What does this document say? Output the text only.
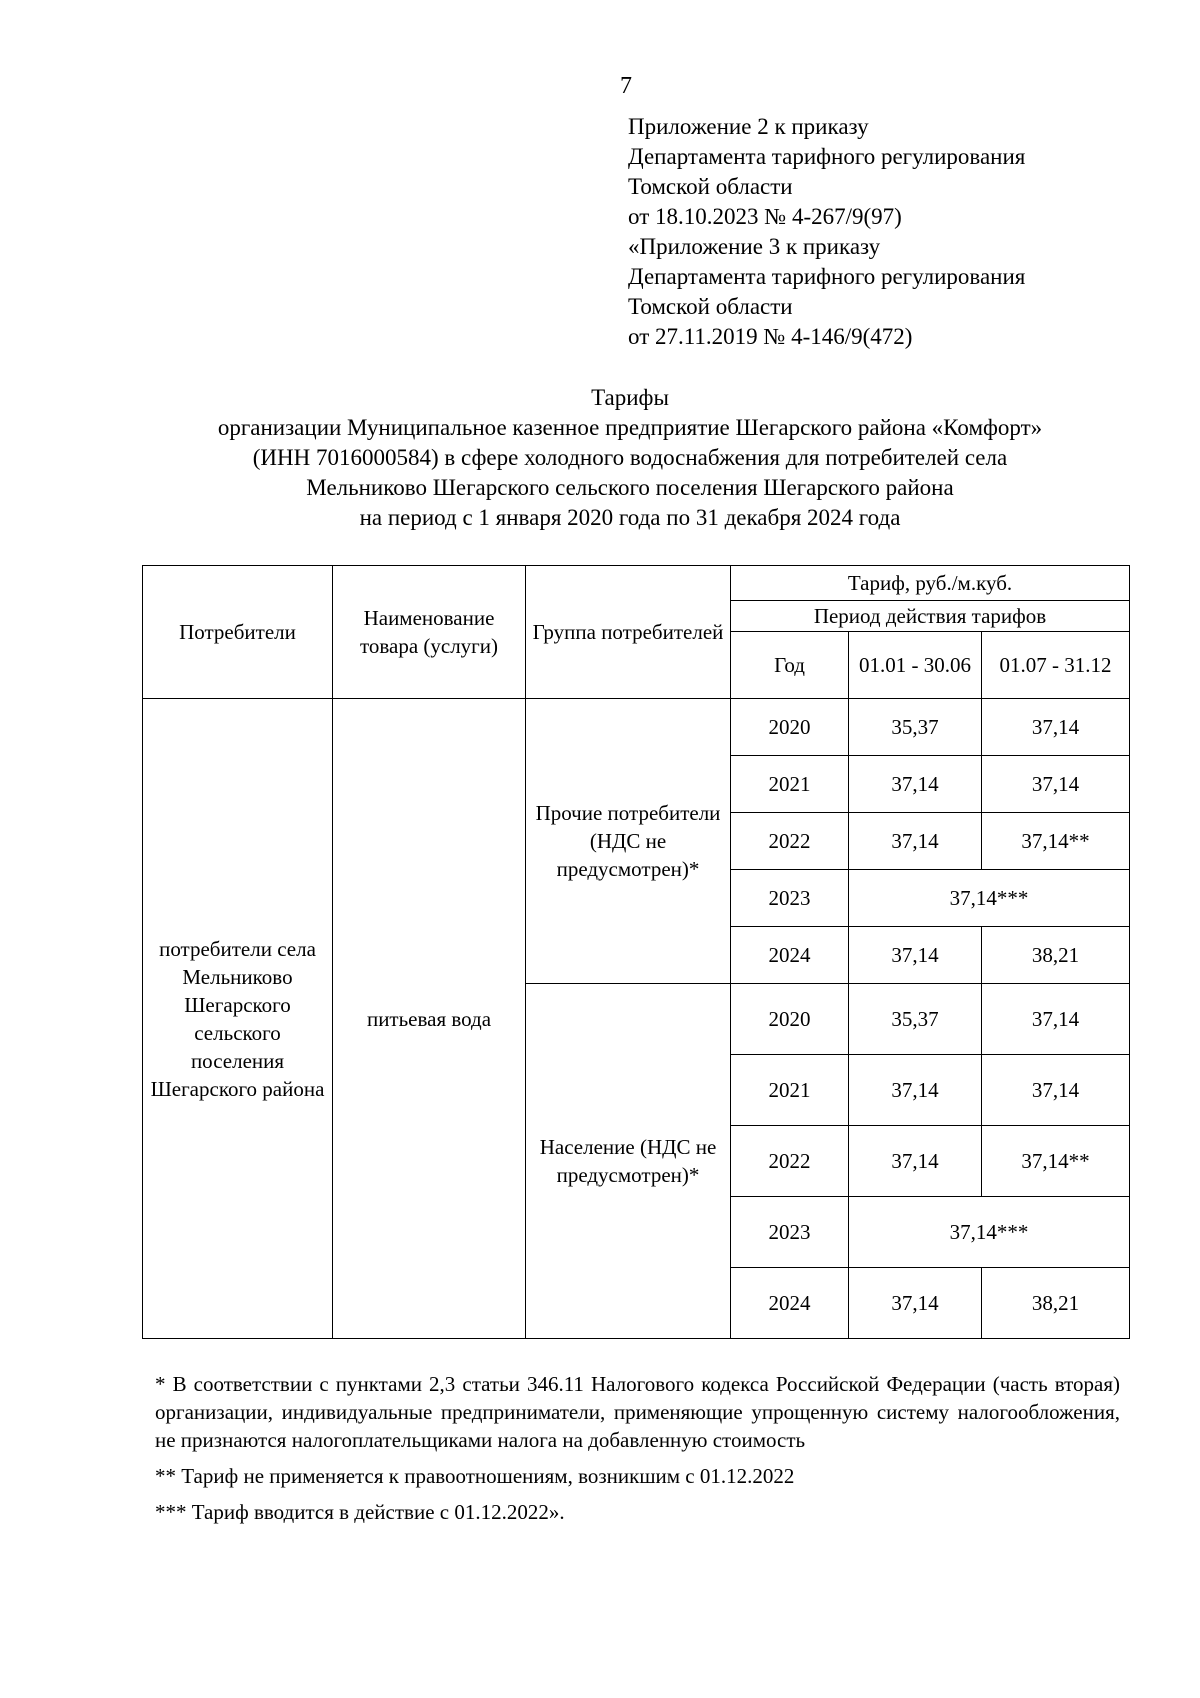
7
Приложение 2 к приказу
Департамента тарифного регулирования
Томской области
от 18.10.2023 № 4-267/9(97)
«Приложение 3 к приказу
Департамента тарифного регулирования
Томской области
от 27.11.2019 № 4-146/9(472)
Тарифы
организации Муниципальное казенное предприятие Шегарского района «Комфорт»
(ИНН 7016000584) в сфере холодного водоснабжения для потребителей села
Мельниково Шегарского сельского поселения Шегарского района
на период с 1 января 2020 года по 31 декабря 2024 года
Потребители	Наименование товара (услуги)	Группа потребителей	Тариф, руб./м.куб.		
			Период действия тарифов		
			Год	01.01 - 30.06	01.07 - 31.12
потребители села Мельниково Шегарского сельского поселения Шегарского района	питьевая вода	Прочие потребители (НДС не предусмотрен)*	2020	35,37	37,14
			2021	37,14	37,14
			2022	37,14	37,14**
			2023	37,14***	
			2024	37,14	38,21
		Население (НДС не предусмотрен)*	2020	35,37	37,14
			2021	37,14	37,14
			2022	37,14	37,14**
			2023	37,14***	
			2024	37,14	38,21
* В соответствии с пунктами 2,3 статьи 346.11 Налогового кодекса Российской Федерации (часть вторая) организации, индивидуальные предприниматели, применяющие упрощенную систему налогообложения, не признаются налогоплательщиками налога на добавленную стоимость
** Тариф не применяется к правоотношениям, возникшим с 01.12.2022
*** Тариф вводится в действие с 01.12.2022».
